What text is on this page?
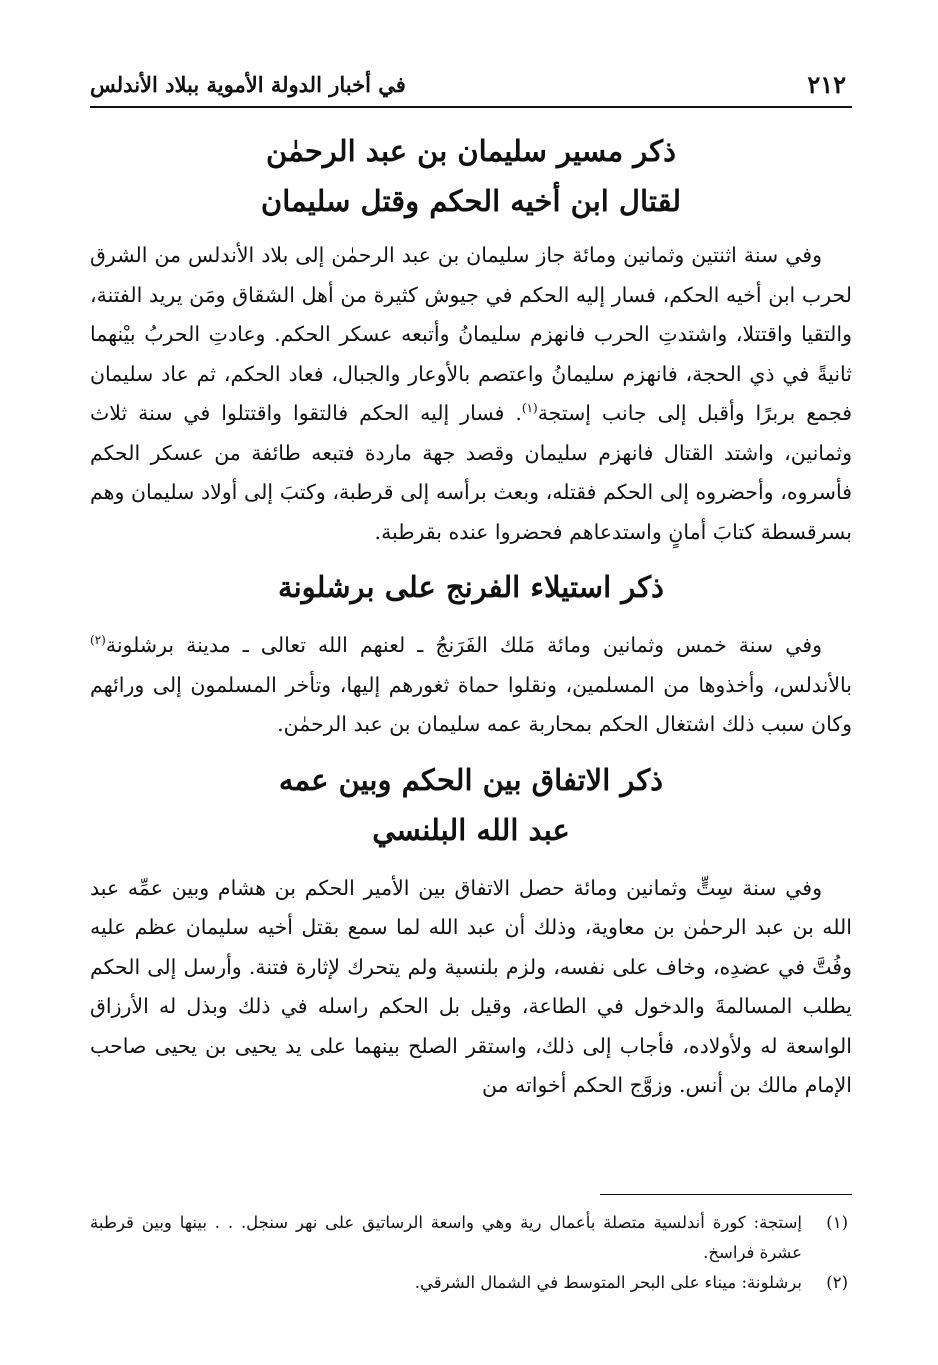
٢١٢
في أخبار الدولة الأموية ببلاد الأندلس
ذكر مسير سليمان بن عبد الرحمٰن
لقتال ابن أخيه الحكم وقتل سليمان

وفي سنة اثنتين وثمانين ومائة جاز سليمان بن عبد الرحمٰن إلى بلاد الأندلس من الشرق لحرب ابن أخيه الحكم، فسار إليه الحكم في جيوش كثيرة من أهل الشقاق ومَن يريد الفتنة، والتقيا واقتتلا، واشتدتِ الحرب فانهزم سليمانُ وأتبعه عسكر الحكم. وعادتِ الحربُ بيْنهما ثانيةً في ذي الحجة، فانهزم سليمانُ واعتصم بالأوعار والجبال، فعاد الحكم، ثم عاد سليمان فجمع بربرًا وأقبل إلى جانب إستجة$^{(١)}$. فسار إليه الحكم فالتقوا واقتتلوا في سنة ثلاث وثمانين، واشتد القتال فانهزم سليمان وقصد جهة ماردة فتبعه طائفة من عسكر الحكم فأسروه، وأحضروه إلى الحكم فقتله، وبعث برأسه إلى قرطبة، وكتبَ إلى أولاد سليمان وهم بسرقسطة كتابَ أمانٍ واستدعاهم فحضروا عنده بقرطبة.

ذكر استيلاء الفرنج على برشلونة

وفي سنة خمس وثمانين ومائة مَلك الفَرَنجُ ـ لعنهم الله تعالى ـ مدينة برشلونة$^{(٢)}$ بالأندلس، وأخذوها من المسلمين، ونقلوا حماة ثغورهم إليها، وتأخر المسلمون إلى ورائهم وكان سبب ذلك اشتغال الحكم بمحاربة عمه سليمان بن عبد الرحمٰن.

ذكر الاتفاق بين الحكم وبين عمه
عبد الله البلنسي

وفي سنة سِتٍّ وثمانين ومائة حصل الاتفاق بين الأمير الحكم بن هشام وبين عمِّه عبد الله بن عبد الرحمٰن بن معاوية، وذلك أن عبد الله لما سمع بقتل أخيه سليمان عظم عليه وفُتَّ في عضدِه، وخاف على نفسه، ولزم بلنسية ولم يتحرك لإثارة فتنة. وأرسل إلى الحكم يطلب المسالمةَ والدخول في الطاعة، وقيل بل الحكم راسله في ذلك وبذل له الأرزاق الواسعة له ولأولاده، فأجاب إلى ذلك، واستقر الصلح بينهما على يد يحيى بن يحيى صاحب الإمام مالك بن أنس. وزوَّج الحكم أخواته من

(١)
إستجة: كورة أندلسية متصلة بأعمال رية وهي واسعة الرساتيق على نهر سنجل. . . بينها وبين قرطبة عشرة فراسخ.
(٢)
برشلونة: ميناء على البحر المتوسط في الشمال الشرقي.
